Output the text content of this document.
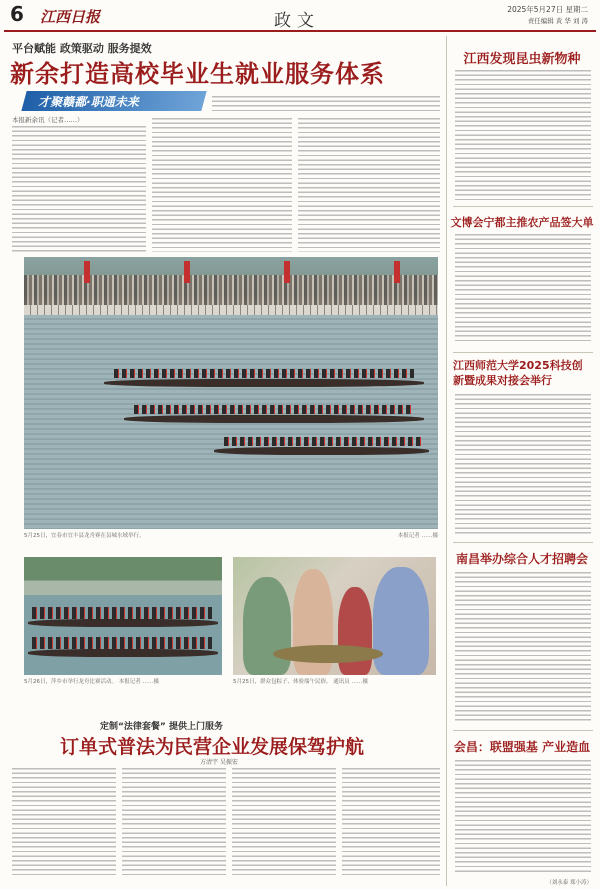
6 江西日报	政文
2025年5月27日 星期二
责任编辑 黄 华 刘 涛
平台赋能 政策驱动 服务提效
新余打造高校毕业生就业服务体系
才聚赣鄱·职通未来
本报新余讯（记者……）
5月25日，宜春市宜丰县龙舟赛在县城水域举行。	本报记者 ……摄
5月26日，萍乡市举行龙舟比赛活动。 本报记者 ……摄	5月25日，群众包粽子、体验端午民俗。 通讯员 ……摄
定制“法律套餐” 提供上门服务
订单式普法为民营企业发展保驾护航
方清宇 吴振宏
江西发现昆虫新物种
文博会宁都主推农产品签大单
江西师范大学2025科技创新暨成果对接会举行
南昌举办综合人才招聘会
会昌：联盟强基 产业造血
（刘永泰 郑小涛）
